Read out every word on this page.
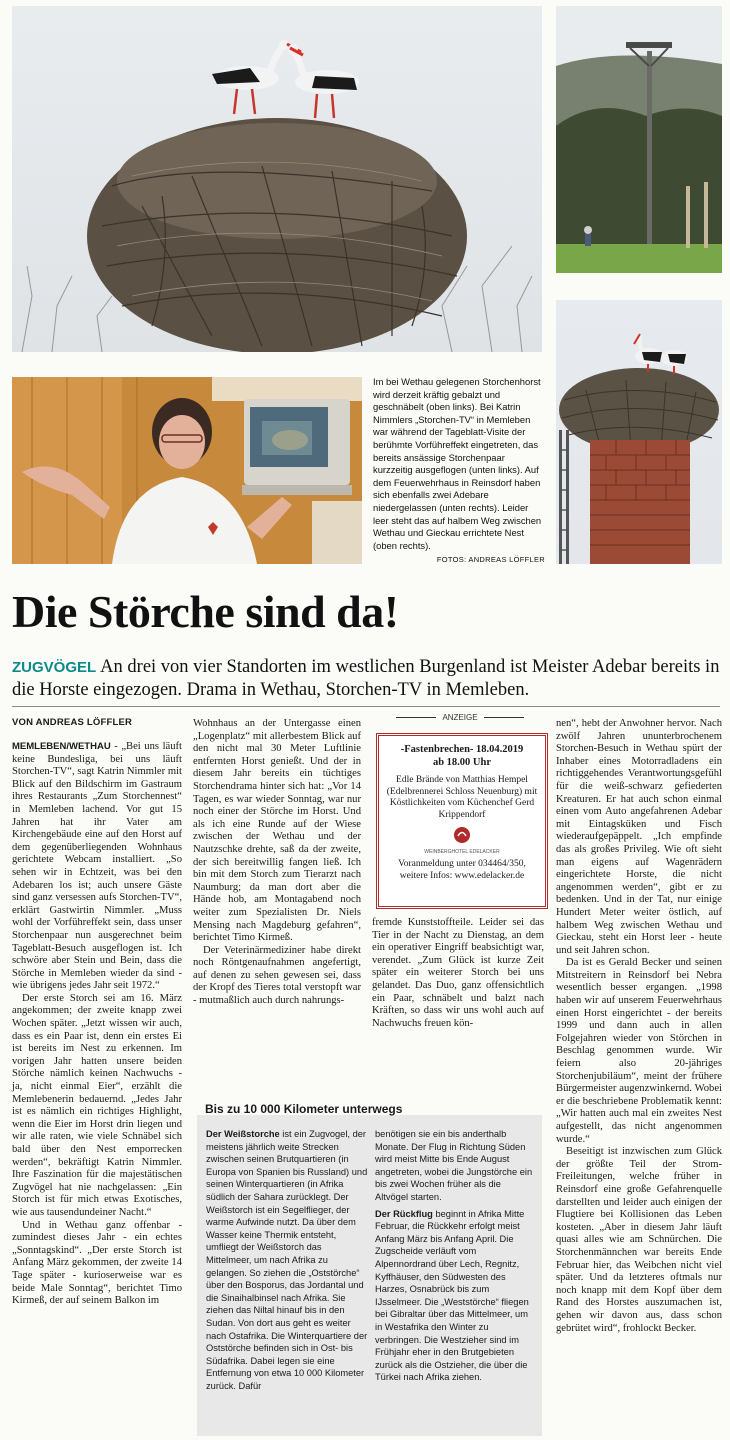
Im bei Wethau gelegenen Storchenhorst wird derzeit kräftig gebalzt und geschnäbelt (oben links). Bei Katrin Nimmlers „Storchen-TV“ in Memleben war während der Tageblatt-Visite der berühmte Vorführeffekt eingetreten, das bereits ansässige Storchenpaar kurzzeitig ausgeflogen (unten links). Auf dem Feuerwehrhaus in Reinsdorf haben sich ebenfalls zwei Adebare niedergelassen (unten rechts). Leider leer steht das auf halbem Weg zwischen Wethau und Gieckau errichtete Nest (oben rechts).
FOTOS: ANDREAS LÖFFLER
Die Störche sind da!
ZUGVÖGEL An drei von vier Standorten im westlichen Burgenland ist Meister Adebar bereits in die Horste eingezogen. Drama in Wethau, Storchen-TV in Memleben.
VON ANDREAS LÖFFLER

MEMLEBEN/WETHAU - „Bei uns läuft keine Bundesliga, bei uns läuft Storchen-TV“, sagt Katrin Nimmler mit Blick auf den Bildschirm im Gastraum ihres Restaurants „Zum Storchennest“ in Memleben lachend. Vor gut 15 Jahren hat ihr Vater am Kirchengebäude eine auf den Horst auf dem gegenüberliegenden Wohnhaus gerichtete Webcam installiert. „So sehen wir in Echtzeit, was bei den Adebaren los ist; auch unsere Gäste sind ganz versessen aufs Storchen-TV“, erklärt Gastwirtin Nimmler. „Muss wohl der Vorführeffekt sein, dass unser Storchenpaar nun ausgerechnet beim Tageblatt-Besuch ausgeflogen ist. Ich schwöre aber Stein und Bein, dass die Störche in Memleben wieder da sind - wie übrigens jedes Jahr seit 1972.“

Der erste Storch sei am 16. März angekommen; der zweite knapp zwei Wochen später. „Jetzt wissen wir auch, dass es ein Paar ist, denn ein erstes Ei ist bereits im Nest zu erkennen. Im vorigen Jahr hatten unsere beiden Störche nämlich keinen Nachwuchs - ja, nicht einmal Eier“, erzählt die Memlebenerin bedauernd. „Jedes Jahr ist es nämlich ein richtiges Highlight, wenn die Eier im Horst drin liegen und wir alle raten, wie viele Schnäbel sich bald über den Nest emporrecken werden“, bekräftigt Katrin Nimmler. Ihre Faszination für die majestätischen Zugvögel hat nie nachgelassen: „Ein Storch ist für mich etwas Exotisches, wie aus tausendundeiner Nacht.“

Und in Wethau ganz offenbar - zumindest dieses Jahr - ein echtes „Sonntagskind“. „Der erste Storch ist Anfang März gekommen, der zweite 14 Tage später - kurioserweise war es beide Male Sonntag“, berichtet Timo Kirmeß, der auf seinem Balkon im

Wohnhaus an der Untergasse einen „Logenplatz“ mit allerbestem Blick auf den nicht mal 30 Meter Luftlinie entfernten Horst genießt. Und der in diesem Jahr bereits ein tüchtiges Storchendrama hinter sich hat: „Vor 14 Tagen, es war wieder Sonntag, war nur noch einer der Störche im Horst. Und als ich eine Runde auf der Wiese zwischen der Wethau und der Nautzschke drehte, saß da der zweite, der sich bereitwillig fangen ließ. Ich bin mit dem Storch zum Tierarzt nach Naumburg; da man dort aber die Hände hob, am Montagabend noch weiter zum Spezialisten Dr. Niels Mensing nach Magdeburg gefahren“, berichtet Timo Kirmeß.

Der Veterinärmediziner habe direkt noch Röntgenaufnahmen angefertigt, auf denen zu sehen gewesen sei, dass der Kropf des Tieres total verstopft war - mutmaßlich auch durch nahrungs-

ANZEIGE
-Fastenbrechen- 18.04.2019
ab 18.00 Uhr
Edle Brände von Matthias Hempel (Edelbrennerei Schloss Neuenburg) mit Köstlichkeiten vom Küchenchef Gerd Krippendorf
WEINBERGHOTEL EDELACKER
Voranmeldung unter 034464/350,
weitere Infos: www.edelacker.de

fremde Kunststoffteile. Leider sei das Tier in der Nacht zu Dienstag, an dem ein operativer Eingriff beabsichtigt war, verendet. „Zum Glück ist kurze Zeit später ein weiterer Storch bei uns gelandet. Das Duo, ganz offensichtlich ein Paar, schnäbelt und balzt nach Kräften, so dass wir uns wohl auch auf Nachwuchs freuen kön-

nen“, hebt der Anwohner hervor. Nach zwölf Jahren ununterbrochenem Storchen-Besuch in Wethau spürt der Inhaber eines Motorradladens ein richtiggehendes Verantwortungsgefühl für die weiß-schwarz gefiederten Kreaturen. Er hat auch schon einmal einen vom Auto angefahrenen Adebar mit Eintagsküken und Fisch wiederaufgepäppelt. „Ich empfinde das als großes Privileg. Wie oft sieht man eigens auf Wagenrädern eingerichtete Horste, die nicht angenommen werden“, gibt er zu bedenken. Und in der Tat, nur einige Hundert Meter weiter östlich, auf halbem Weg zwischen Wethau und Gieckau, steht ein Horst leer - heute und seit Jahren schon.

Da ist es Gerald Becker und seinen Mitstreitern in Reinsdorf bei Nebra wesentlich besser ergangen. „1998 haben wir auf unserem Feuerwehrhaus einen Horst eingerichtet - der bereits 1999 und dann auch in allen Folgejahren wieder von Störchen in Beschlag genommen wurde. Wir feiern also 20-jähriges Storchenjubiläum“, meint der frühere Bürgermeister augenzwinkernd. Wobei er die beschriebene Problematik kennt: „Wir hatten auch mal ein zweites Nest aufgestellt, das nicht angenommen wurde.“

Beseitigt ist inzwischen zum Glück der größte Teil der Strom-Freileitungen, welche früher in Reinsdorf eine große Gefahrenquelle darstellten und leider auch einigen der Flugtiere bei Kollisionen das Leben kosteten. „Aber in diesem Jahr läuft quasi alles wie am Schnürchen. Die Storchenmännchen war bereits Ende Februar hier, das Weibchen nicht viel später. Und da letzteres oftmals nur noch knapp mit dem Kopf über dem Rand des Horstes auszumachen ist, gehen wir davon aus, dass schon gebrütet wird“, frohlockt Becker.

Bis zu 10 000 Kilometer unterwegs

Der Weißstorche ist ein Zugvogel, der meistens jährlich weite Strecken zwischen seinen Brutquartieren (in Europa von Spanien bis Russland) und seinen Winterquartieren (in Afrika südlich der Sahara zurücklegt. Der Weißstorch ist ein Segelflieger, der warme Aufwinde nutzt. Da über dem Wasser keine Thermik entsteht, umfliegt der Weißstorch das Mittelmeer, um nach Afrika zu gelangen. So ziehen die „Oststörche“ über den Bosporus, das Jordantal und die Sinaihalbinsel nach Afrika. Sie ziehen das Niltal hinauf bis in den Sudan. Von dort aus geht es weiter nach Ostafrika. Die Winterquartiere der Oststörche befinden sich in Ost- bis Südafrika. Dabei legen sie eine Entfernung von etwa 10 000 Kilometer zurück. Dafür

benötigen sie ein bis anderthalb Monate. Der Flug in Richtung Süden wird meist Mitte bis Ende August angetreten, wobei die Jungstörche ein bis zwei Wochen früher als die Altvögel starten.

Der Rückflug beginnt in Afrika Mitte Februar, die Rückkehr erfolgt meist Anfang März bis Anfang April. Die Zugscheide verläuft vom Alpennordrand über Lech, Regnitz, Kyffhäuser, den Südwesten des Harzes, Osnabrück bis zum IJsselmeer. Die „Weststörche“ fliegen bei Gibraltar über das Mittelmeer, um in Westafrika den Winter zu verbringen. Die Westzieher sind im Frühjahr eher in den Brutgebieten zurück als die Ostzieher, die über die Türkei nach Afrika ziehen.
